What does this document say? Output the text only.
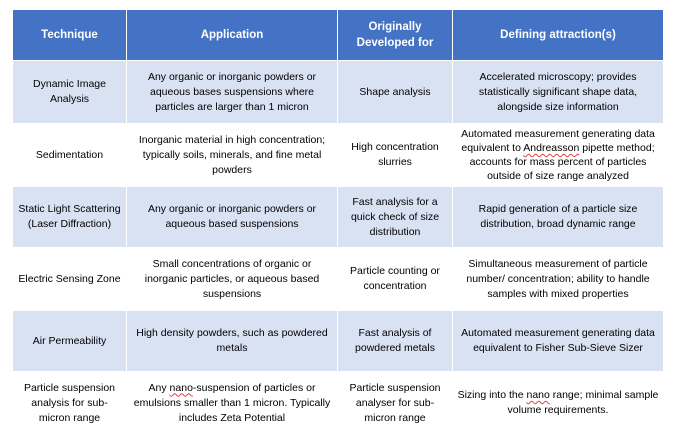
Technique	Application	Originally Developed for	Defining attraction(s)
Dynamic Image Analysis	Any organic or inorganic powders or aqueous bases suspensions where particles are larger than 1 micron	Shape analysis	Accelerated microscopy; provides statistically significant shape data, alongside size information
Sedimentation	Inorganic material in high concentration; typically soils, minerals, and fine metal powders	High concentration slurries	Automated measurement generating data equivalent to Andreasson pipette method; accounts for mass percent of particles outside of size range analyzed
Static Light Scattering (Laser Diffraction)	Any organic or inorganic powders or aqueous based suspensions	Fast analysis for a quick check of size distribution	Rapid generation of a particle size distribution, broad dynamic range
Electric Sensing Zone	Small concentrations of organic or inorganic particles, or aqueous based suspensions	Particle counting or concentration	Simultaneous measurement of particle number/ concentration; ability to handle samples with mixed properties
Air Permeability	High density powders, such as powdered metals	Fast analysis of powdered metals	Automated measurement generating data equivalent to Fisher Sub-Sieve Sizer
Particle suspension analysis for sub-micron range	Any nano-suspension of particles or emulsions smaller than 1 micron. Typically includes Zeta Potential	Particle suspension analyser for sub-micron range	Sizing into the nano range; minimal sample volume requirements.
